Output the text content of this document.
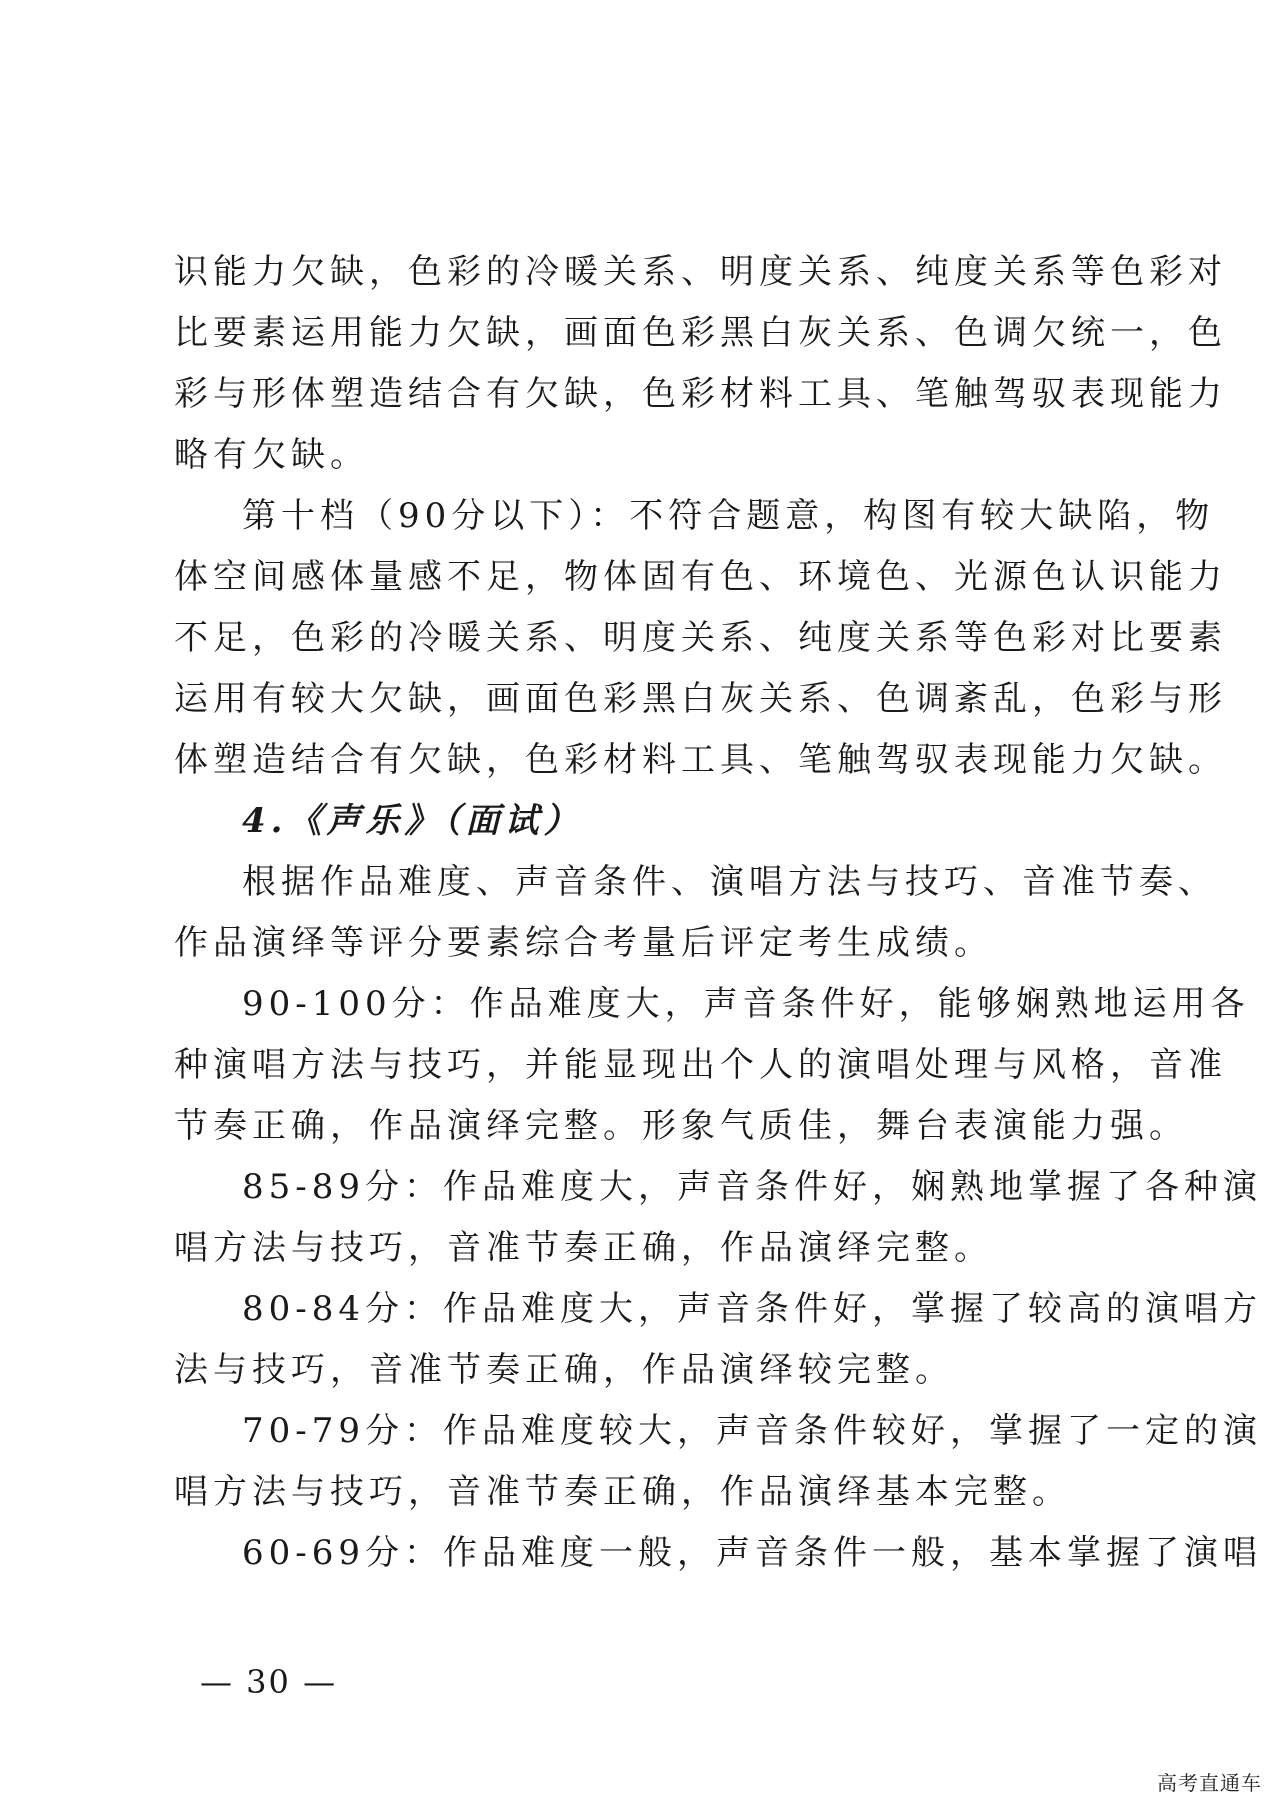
识能力欠缺，色彩的冷暖关系、明度关系、纯度关系等色彩对
比要素运用能力欠缺，画面色彩黑白灰关系、色调欠统一，色
彩与形体塑造结合有欠缺，色彩材料工具、笔触驾驭表现能力
略有欠缺。
第十档（90分以下）：不符合题意，构图有较大缺陷，物
体空间感体量感不足，物体固有色、环境色、光源色认识能力
不足，色彩的冷暖关系、明度关系、纯度关系等色彩对比要素
运用有较大欠缺，画面色彩黑白灰关系、色调紊乱，色彩与形
体塑造结合有欠缺，色彩材料工具、笔触驾驭表现能力欠缺。
4.《声乐》（面试）
根据作品难度、声音条件、演唱方法与技巧、音准节奏、
作品演绎等评分要素综合考量后评定考生成绩。
90-100分：作品难度大，声音条件好，能够娴熟地运用各
种演唱方法与技巧，并能显现出个人的演唱处理与风格，音准
节奏正确，作品演绎完整。形象气质佳，舞台表演能力强。
85-89分：作品难度大，声音条件好，娴熟地掌握了各种演
唱方法与技巧，音准节奏正确，作品演绎完整。
80-84分：作品难度大，声音条件好，掌握了较高的演唱方
法与技巧，音准节奏正确，作品演绎较完整。
70-79分：作品难度较大，声音条件较好，掌握了一定的演
唱方法与技巧，音准节奏正确，作品演绎基本完整。
60-69分：作品难度一般，声音条件一般，基本掌握了演唱
— 30 —
高考直通车
